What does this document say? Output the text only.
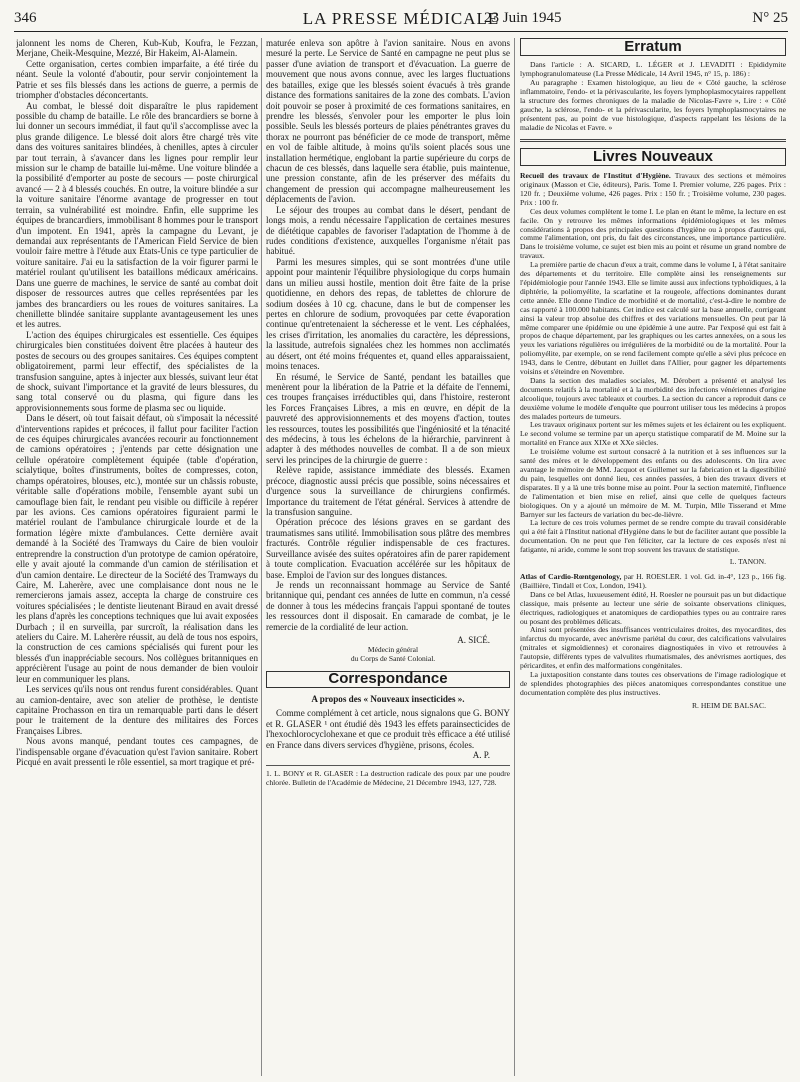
346	LA PRESSE MÉDICALE	N° 25
23 Juin 1945

jalonnent les noms de Cheren, Kub-Kub, Koufra, le Fezzan, Merjane, Cheik-Mesquine, Mezzé, Bir Hakeim, Al-Alamein.

Cette organisation, certes combien imparfaite, a été tirée du néant. Seule la volonté d'aboutir, pour servir conjointement la Patrie et ses fils blessés dans les actions de guerre, a permis de triompher d'obstacles déconcertants.

Au combat, le blessé doit disparaître le plus rapidement possible du champ de bataille. Le rôle des brancardiers se borne à lui donner un secours immédiat, il faut qu'il s'accomplisse avec la plus grande diligence. Le blessé doit alors être chargé très vite dans des voitures sanitaires blindées, à chenilles, aptes à circuler par tout terrain, à s'avancer dans les lignes pour remplir leur mission sur le champ de bataille lui-même. Une voiture blindée a la possibilité d'emporter au poste de secours — poste chirurgical avancé — 2 à 4 blessés couchés. En outre, la voiture blindée a sur la voiture sanitaire l'énorme avantage de progresser en tout terrain, sa vulnérabilité est moindre. Enfin, elle supprime les équipes de brancardiers, immobilisant 8 hommes pour le transport d'un impotent. En 1941, après la campagne du Levant, je demandai aux représentants de l'American Field Service de bien vouloir faire mettre à l'étude aux Etats-Unis ce type particulier de voiture sanitaire. J'ai eu la satisfaction de la voir figurer parmi le matériel roulant qu'utilisent les bataillons médicaux américains. Dans une guerre de machines, le service de santé au combat doit disposer de ressources autres que celles représentées par les jambes des brancardiers ou les roues de voitures sanitaires. La chenillette blindée sanitaire supplante avantageusement les unes et les autres.

L'action des équipes chirurgicales est essentielle. Ces équipes chirurgicales bien constituées doivent être placées à hauteur des postes de secours ou des groupes sanitaires. Ces équipes comptent obligatoirement, parmi leur effectif, des spécialistes de la transfusion sanguine, aptes à injecter aux blessés, suivant leur état de shock, suivant l'importance et la gravité de leurs blessures, du sang total conservé ou du plasma, qui figure dans les approvisionnements sous forme de plasma sec ou liquide.

Dans le désert, où tout faisait défaut, où s'imposait la nécessité d'interventions rapides et précoces, il fallut pour faciliter l'action de ces équipes chirurgicales avancées recourir au fonctionnement de camions opératoires ; j'entends par cette désignation une cellule opératoire complètement équipée (table d'opération, scialytique, boîtes d'instruments, boîtes de compresses, coton, champs opératoires, blouses, etc.), montée sur un châssis robuste, véritable salle d'opérations mobile, l'ensemble ayant subi un camouflage bien fait, le rendant peu visible ou difficile à repérer par les avions. Ces camions opératoires figuraient parmi le matériel roulant de l'ambulance chirurgicale lourde et de la formation légère mixte d'ambulances. Cette dernière avait demandé à la Société des Tramways du Caire de bien vouloir entreprendre la construction d'un prototype de camion opératoire, elle y avait ajouté la commande d'un camion de stérilisation et d'un camion dentaire. Le directeur de la Société des Tramways du Caire, M. Laherère, avec une complaisance dont nous ne le remercierons jamais assez, accepta la charge de construire ces voitures spécialisées ; le dentiste lieutenant Biraud en avait dressé les plans d'après les conceptions techniques que lui avait exposées Durbach ; il en surveilla, par surcroît, la réalisation dans les ateliers du Caire. M. Laherère réussit, au delà de tous nos espoirs, la construction de ces camions spécialisés qui furent pour les blessés d'un inappréciable secours. Nos collègues britanniques en apprécièrent l'usage au point de nous demander de bien vouloir leur en communiquer les plans.

Les services qu'ils nous ont rendus furent considérables. Quant au camion-dentaire, avec son atelier de prothèse, le dentiste capitaine Prochasson en tira un remarquable parti dans le désert pour le traitement de la denture des militaires des Forces Françaises Libres.

Nous avons manqué, pendant toutes ces campagnes, de l'indispensable organe d'évacuation qu'est l'avion sanitaire. Robert Picqué en avait pressenti le rôle essentiel, sa mort tragique et pré-

maturée enleva son apôtre à l'avion sanitaire. Nous en avons mesuré la perte. Le Service de Santé en campagne ne peut plus se passer d'une aviation de transport et d'évacuation. La guerre de mouvement que nous avons connue, avec les larges fluctuations des batailles, exige que les blessés soient évacués à très grande distance des formations sanitaires de la zone des combats. L'avion doit pouvoir se poser à proximité de ces formations sanitaires, en prendre les blessés, s'envoler pour les emporter le plus loin possible. Seuls les blessés porteurs de plaies pénétrantes graves du thorax ne pourront pas bénéficier de ce mode de transport, même en vol de faible altitude, à moins qu'ils soient placés sous une installation hermétique, englobant la partie supérieure du corps de chacun de ces blessés, dans laquelle sera établie, puis maintenue, une pression constante, afin de les préserver des méfaits du changement de pression qui accompagne malheureusement les déplacements de l'avion.

Le séjour des troupes au combat dans le désert, pendant de longs mois, a rendu nécessaire l'application de certaines mesures de diététique capables de favoriser l'adaptation de l'homme à de rudes conditions d'existence, auxquelles l'organisme n'était pas habitué.

Parmi les mesures simples, qui se sont montrées d'une utile appoint pour maintenir l'équilibre physiologique du corps humain dans un milieu aussi hostile, mention doit être faite de la prise quotidienne, en dehors des repas, de tablettes de chlorure de sodium dosées à 10 cg. chacune, dans le but de compenser les pertes en chlorure de sodium, provoquées par cette évaporation continue qu'entretenaient la sécheresse et le vent. Les céphalées, les crises d'irritation, les anomalies du caractère, les dépressions, la lassitude, autrefois signalées chez les hommes non acclimatés au désert, ont été moins fréquentes et, quand elles apparaissaient, moins tenaces.

En résumé, le Service de Santé, pendant les batailles que menèrent pour la libération de la Patrie et la défaite de l'ennemi, ces troupes françaises irréductibles qui, dans l'histoire, resteront les Forces Françaises Libres, a mis en œuvre, en dépit de la pauvreté des approvisionnements et des moyens d'action, toutes les ressources, toutes les possibilités que l'ingéniosité et la ténacité des médecins, à tous les échelons de la hiérarchie, parvinrent à adapter à des méthodes nouvelles de combat. Il a de son mieux servi les principes de la chirurgie de guerre :

Relève rapide, assistance immédiate des blessés. Examen précoce, diagnostic aussi précis que possible, soins nécessaires et d'urgence sous la surveillance de chirurgiens confirmés. Importance du traitement de l'état général. Services à attendre de la transfusion sanguine.

Opération précoce des lésions graves en se gardant des traumatismes sans utilité. Immobilisation sous plâtre des membres fracturés. Contrôle régulier indispensable de ces fractures. Surveillance avisée des suites opératoires afin de parer rapidement à toute complication. Evacuation accélérée sur les hôpitaux de base. Emploi de l'avion sur des longues distances.

Je rends un reconnaissant hommage au Service de Santé britannique qui, pendant ces années de lutte en commun, n'a cessé de donner à tous les médecins français l'appui spontané de toutes les ressources dont il disposait. En camarade de combat, je le remercie de la cordialité de leur action.

A. SICÉ.

Médecin général

du Corps de Santé Colonial.

Correspondance
A propos des « Nouveaux insecticides ».

Comme complément à cet article, nous signalons que G. BONY et R. GLASER ¹ ont étudié dès 1943 les effets parainsecticides de l'hexochlorocyclohexane et que ce produit très efficace a été utilisé en France dans divers services d'hygiène, prisons, écoles.

A. P.
1. L. BONY et R. GLASER : La destruction radicale des poux par une poudre chlorée. Bulletin de l'Académie de Médecine, 21 Décembre 1943, 127, 728.
Erratum

Dans l'article : A. SICARD, L. LÉGER et J. LEVADITI : Epididymite lymphogranulomateuse (La Presse Médicale, 14 Avril 1945, n° 15, p. 186) :

Au paragraphe : Examen histologique, au lieu de « Côté gauche, la sclérose inflammatoire, l'endo- et la périvascularite, les foyers lymphoplasmocytaires rappellent la structure des formes chroniques de la maladie de Nicolas-Favre », Lire : « Côté gauche, la sclérose, l'endo- et la périvascularite, les foyers lymphoplasmocytaires ne présentent pas, au point de vue histologique, d'aspects rappelant les lésions de la maladie de Nicolas et Favre. »

Livres Nouveaux

Recueil des travaux de l'Institut d'Hygiène. Travaux des sections et mémoires originaux (Masson et Cie, éditeurs), Paris. Tome I. Premier volume, 226 pages. Prix : 120 fr. ; Deuxième volume, 426 pages. Prix : 150 fr. ; Troisième volume, 230 pages. Prix : 100 fr.

Ces deux volumes complètent le tome I. Le plan en étant le même, la lecture en est facile. On y retrouve les mêmes informations épidémiologiques et les mêmes considérations à propos des principales questions d'hygiène ou à propos d'autres qui, comme l'alimentation, ont pris, du fait des circonstances, une importance particulière. Dans le troisième volume, ce sujet est bien mis au point et résume un grand nombre de travaux.

La première partie de chacun d'eux a trait, comme dans le volume I, à l'état sanitaire des départements et du territoire. Elle complète ainsi les renseignements sur l'épidémiologie pour l'année 1943. Elle se limite aussi aux infections typhoïdiques, à la diphtérie, la poliomyélite, la scarlatine et la rougeole, affections dominantes durant cette année. Elle donne l'indice de morbidité et de mortalité, c'est-à-dire le nombre de cas rapporté à 100.000 habitants. Cet indice est calculé sur la base annuelle, corrigeant ainsi la valeur trop absolue des chiffres et des variations mensuelles. On peut par là même comparer une épidémie ou une épidémie à une autre. Par l'exposé qui est fait à propos de chaque département, par les graphiques ou les cartes annexées, on a sous les yeux les variations régulières ou irrégulières de la morbidité ou de la mortalité. Pour la poliomyélite, par exemple, on se rend facilement compte qu'elle a sévi plus précoce en 1943, dans le Centre, débutant en Juillet dans l'Allier, pour gagner les départements voisins et s'éteindre en Novembre.

Dans la section des maladies sociales, M. Dérobert a présenté et analysé les documents relatifs à la mortalité et à la morbidité des infections vénériennes d'origine alcoolique, toujours avec tableaux et courbes. La section du cancer a reproduit dans ce deuxième volume le modèle d'enquête que pourront utiliser tous les médecins à propos des malades porteurs de tumeurs.

Les travaux originaux portent sur les mêmes sujets et les éclairent ou les expliquent. Le second volume se termine par un aperçu statistique comparatif de M. Moine sur la mortalité en France aux XIXe et XXe siècles.

Le troisième volume est surtout consacré à la nutrition et à ses influences sur la santé des mères et le développement des enfants ou des adolescents. On lira avec avantage le mémoire de MM. Jacquot et Guillemet sur la fabrication et la digestibilité du pain, lesquelles ont donné lieu, ces années passées, à bien des travaux divers et disparates. Il y a là une très bonne mise au point. Pour la section maternité, l'influence de l'alimentation et bien mise en relief, ainsi que celle de quelques facteurs biologiques. On y a ajouté un mémoire de M. M. Turpin, Mlle Tisserand et Mme Barnyer sur les facteurs de variation du bec-de-lièvre.

La lecture de ces trois volumes permet de se rendre compte du travail considérable qui a été fait à l'Institut national d'Hygiène dans le but de faciliter autant que possible la documentation. On ne peut que l'en féliciter, car la lecture de ces exposés n'est ni fatigante, ni aride, comme le sont trop souvent les travaux de statistique.

L. TANON.

Atlas of Cardio-Rœntgenology, par H. ROESLER. 1 vol. Gd. in-4°, 123 p., 166 fig. (Baillière, Tindall et Cox, London, 1941).

Dans ce bel Atlas, luxueusement édité, H. Roesler ne poursuit pas un but didactique classique, mais présente au lecteur une série de soixante observations cliniques, électriques, radiologiques et anatomiques de cardiopathies types ou au contraire rares ou posant des problèmes délicats.

Ainsi sont présentées des insuffisances ventriculaires droites, des myocardites, des infarctus du myocarde, avec anévrisme pariétal du cœur, des calcifications valvulaires (mitrales et sigmoïdiennes) et coronaires diagnostiquées in vivo et retrouvées à l'autopsie, différents types de valvulites rhumatismales, des anévrismes aortiques, des péricardites, et enfin des malformations congénitales.

La juxtaposition constante dans toutes ces observations de l'image radiologique et de splendides photographies des pièces anatomiques correspondantes constitue une documentation complète des plus instructives.

R. HEIM DE BALSAC.
